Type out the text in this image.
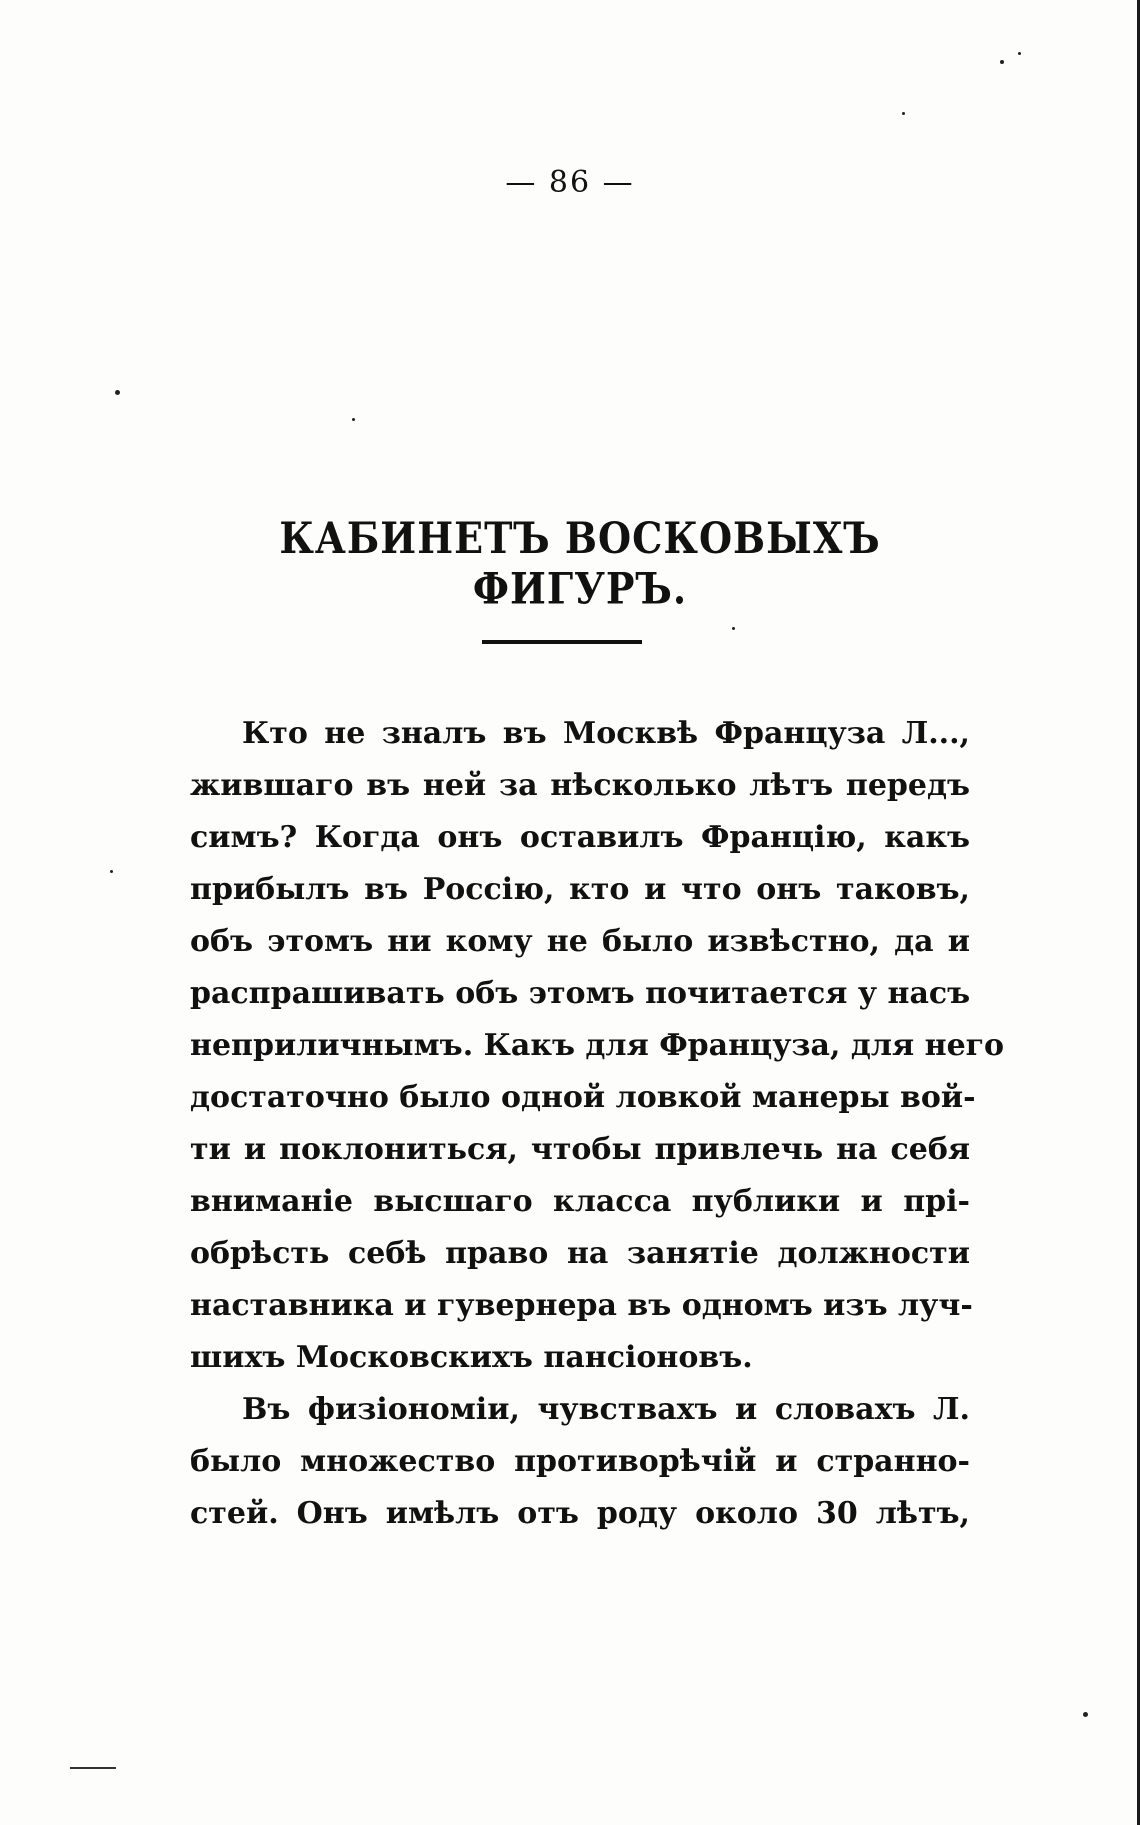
— 86 —
КАБИНЕТЪ ВОСКОВЫХЪ ФИГУРЪ.

Кто не зналъ въ Москвѣ Француза Л...,
жившаго въ ней за нѣсколько лѣтъ передъ
симъ? Когда онъ оставилъ Францію, какъ
прибылъ въ Россію, кто и что онъ таковъ,
объ этомъ ни кому не было извѣстно, да и
распрашивать объ этомъ почитается у насъ
неприличнымъ. Какъ для Француза, для него
достаточно было одной ловкой манеры вой-
ти и поклониться, чтобы привлечь на себя
вниманіе высшаго класса публики и прі-
обрѣсть себѣ право на занятіе должности
наставника и гувернера въ одномъ изъ луч-
шихъ Московскихъ пансіоновъ.

Въ физіономіи, чувствахъ и словахъ Л.
было множество противорѣчій и странно-
стей. Онъ имѣлъ отъ роду около 30 лѣтъ,
